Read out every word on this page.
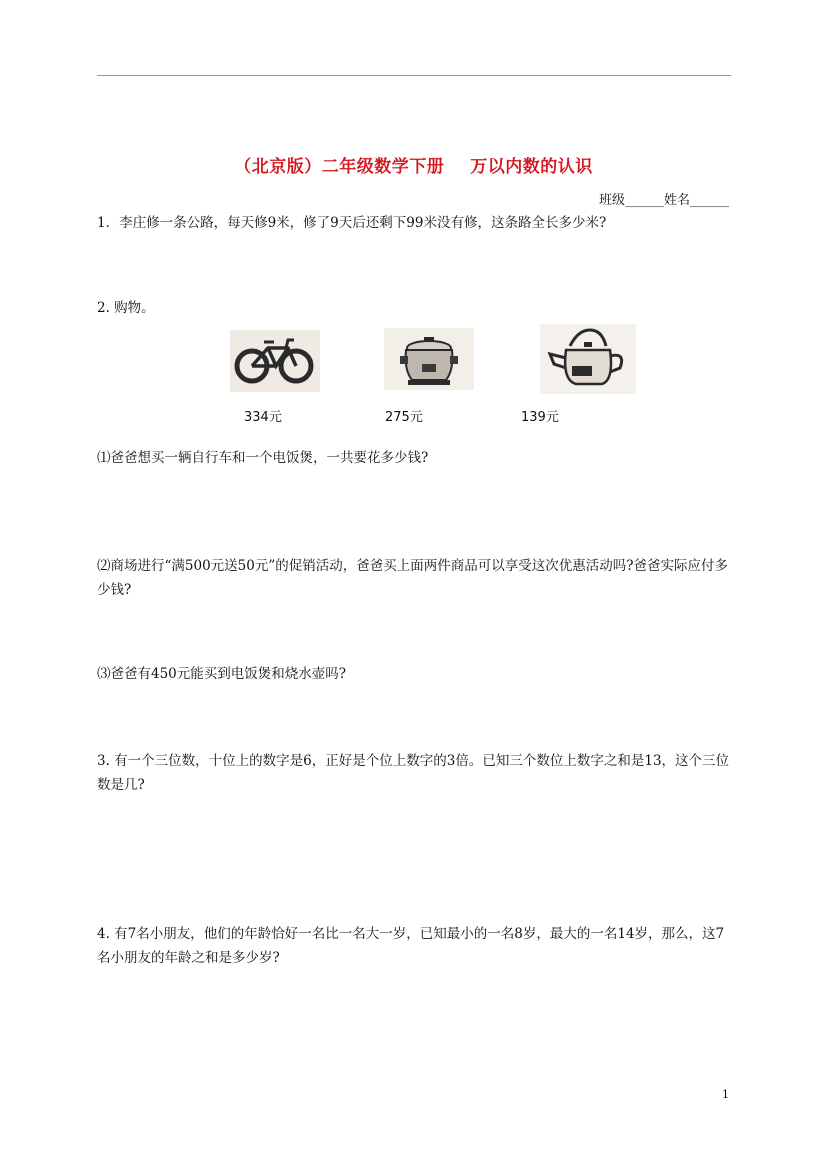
（北京版）二年级数学下册 万以内数的认识
班级______姓名______
1．李庄修一条公路，每天修9米，修了9天后还剩下99米没有修，这条路全长多少米?
2. 购物。
334元	275元	139元
⑴爸爸想买一辆自行车和一个电饭煲，一共要花多少钱?
⑵商场进行“满500元送50元”的促销活动，爸爸买上面两件商品可以享受这次优惠活动吗?爸爸实际应付多少钱?
⑶爸爸有450元能买到电饭煲和烧水壶吗?
3. 有一个三位数，十位上的数字是6，正好是个位上数字的3倍。已知三个数位上数字之和是13，这个三位数是几?
4. 有7名小朋友，他们的年龄恰好一名比一名大一岁，已知最小的一名8岁，最大的一名14岁，那么，这7名小朋友的年龄之和是多少岁?
1
